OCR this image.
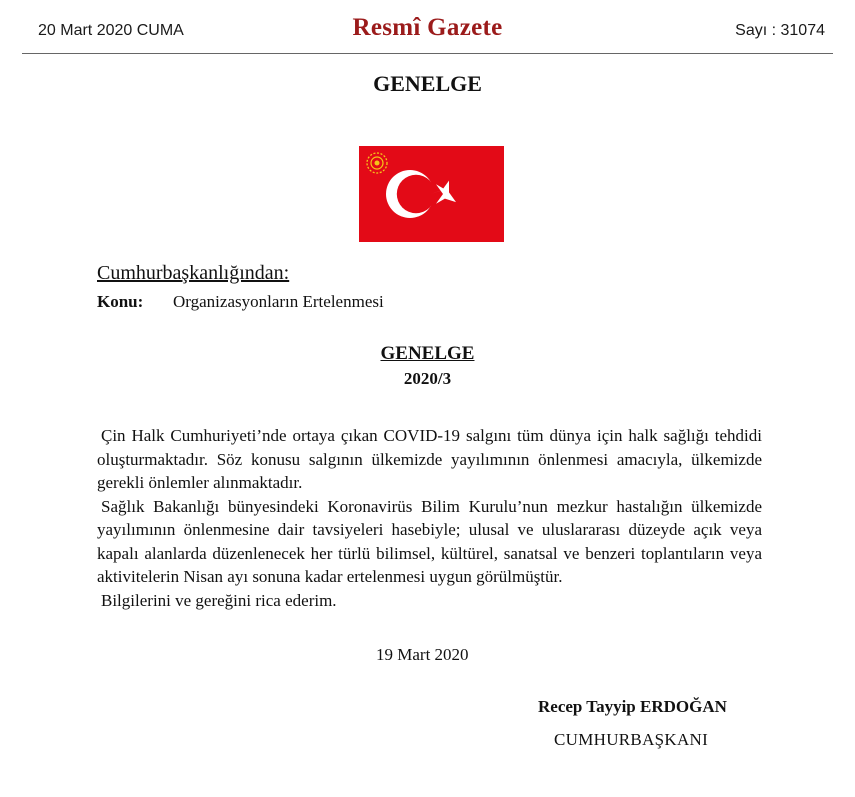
20 Mart 2020 CUMA	Resmî Gazete	Sayı : 31074
GENELGE
Cumhurbaşkanlığından:
Konu: Organizasyonların Ertelenmesi
GENELGE
2020/3

Çin Halk Cumhuriyeti’nde ortaya çıkan COVID-19 salgını tüm dünya için halk sağlığı tehdidi oluşturmaktadır. Söz konusu salgının ülkemizde yayılımının önlenmesi amacıyla, ülkemizde gerekli önlemler alınmaktadır.

Sağlık Bakanlığı bünyesindeki Koronavirüs Bilim Kurulu’nun mezkur hastalığın ülkemizde yayılımının önlenmesine dair tavsiyeleri hasebiyle; ulusal ve uluslararası düzeyde açık veya kapalı alanlarda düzenlenecek her türlü bilimsel, kültürel, sanatsal ve benzeri toplantıların veya aktivitelerin Nisan ayı sonuna kadar ertelenmesi uygun görülmüştür.

Bilgilerini ve gereğini rica ederim.

19 Mart 2020
Recep Tayyip ERDOĞAN
CUMHURBAŞKANI
